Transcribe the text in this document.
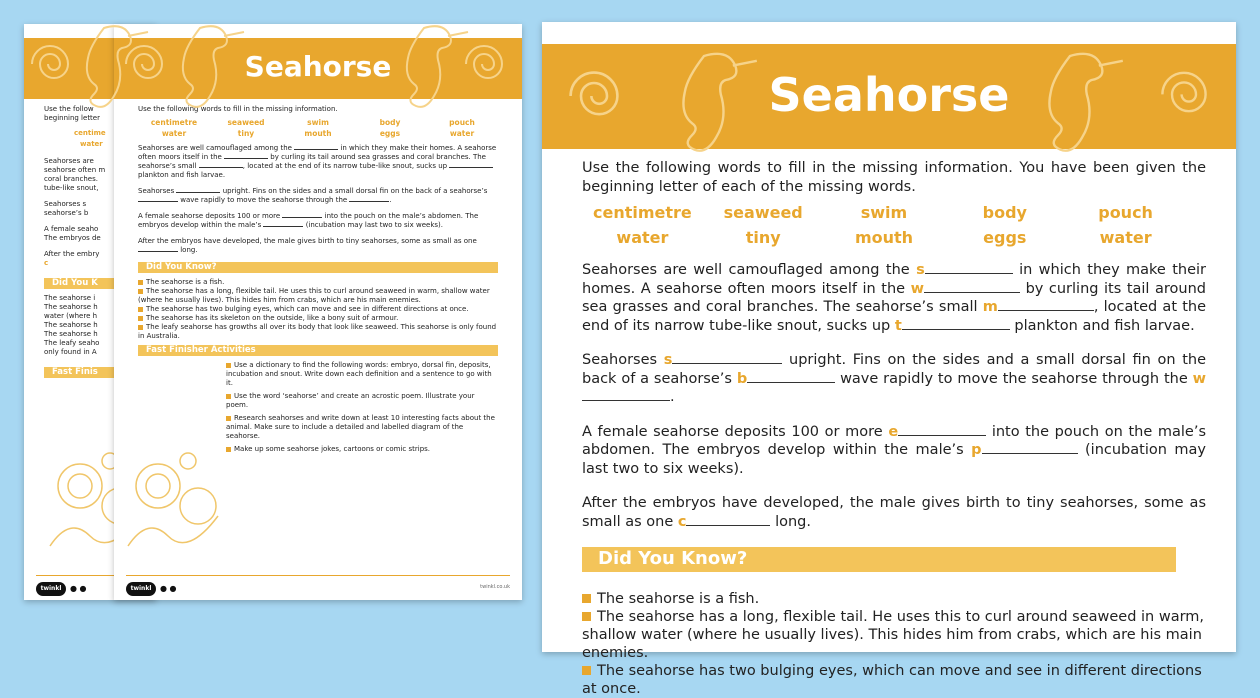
Use the follow
beginning letter
centime
water
Seahorses are
seahorse often m
coral branches.
tube-like snout,
Seahorses s
seahorse’s b
A female seaho
The embryos de
After the embry
c
Did You K
The seahorse i
The seahorse h
water (where h
The seahorse h
The seahorse h
The leafy seaho
only found in A
Fast Finis
twinkl	● ●
Seahorse

Use the following words to fill in the missing information.

centimetre	seaweed	swim	body	pouch
water	tiny	mouth	eggs	water

Seahorses are well camouflaged among the	in which they make their homes. A seahorse often moors itself in the	by curling its tail around sea grasses and coral branches. The seahorse’s small	, located at the end of its narrow tube-like snout, sucks up  plankton and fish larvae.

Seahorses	upright. Fins on the sides and a small dorsal fin on the back of a seahorse’s  wave rapidly to move the seahorse through the	.

A female seahorse deposits 100 or more	into the pouch on the male’s abdomen. The embryos develop within the male’s	(incubation may last two to six weeks).

After the embryos have developed, the male gives birth to tiny seahorses, some as small as one  long.

Did You Know?
The seahorse is a fish.
The seahorse has a long, flexible tail. He uses this to curl around seaweed in warm, shallow water (where he usually lives). This hides him from crabs, which are his main enemies.
The seahorse has two bulging eyes, which can move and see in different directions at once.
The seahorse has its skeleton on the outside, like a bony suit of armour.
The leafy seahorse has growths all over its body that look like seaweed. This seahorse is only found in Australia.
Fast Finisher Activities
Use a dictionary to find the following words: embryo, dorsal fin, deposits, incubation and snout. Write down each definition and a sentence to go with it.
Use the word ‘seahorse’ and create an acrostic poem. Illustrate your poem.
Research seahorses and write down at least 10 interesting facts about the animal. Make sure to include a detailed and labelled diagram of the seahorse.
Make up some seahorse jokes, cartoons or comic strips.
twinkl	● ●	twinkl.co.uk
Seahorse

Use the following words to fill in the missing information. You have been given the beginning letter of each of the missing words.

centimetre	seaweed	swim	body	pouch
water	tiny	mouth	eggs	water

Seahorses are well camouflaged among the s	in which they make their homes. A seahorse often moors itself in the w	by curling its tail around sea grasses and coral branches. The seahorse’s small m	, located at the end of its narrow tube-like snout, sucks up t	plankton and fish larvae.

Seahorses s	upright. Fins on the sides and a small dorsal fin on the back of a seahorse’s b	wave rapidly to move the seahorse through the w.

A female seahorse deposits 100 or more e	into the pouch on the male’s abdomen. The embryos develop within the male’s p	(incubation may last two to six weeks).

After the embryos have developed, the male gives birth to tiny seahorses, some as small as one c	long.

Did You Know?
The seahorse is a fish.
The seahorse has a long, flexible tail. He uses this to curl around seaweed in warm, shallow water (where he usually lives). This hides him from crabs, which are his main enemies.
The seahorse has two bulging eyes, which can move and see in different directions at once.
